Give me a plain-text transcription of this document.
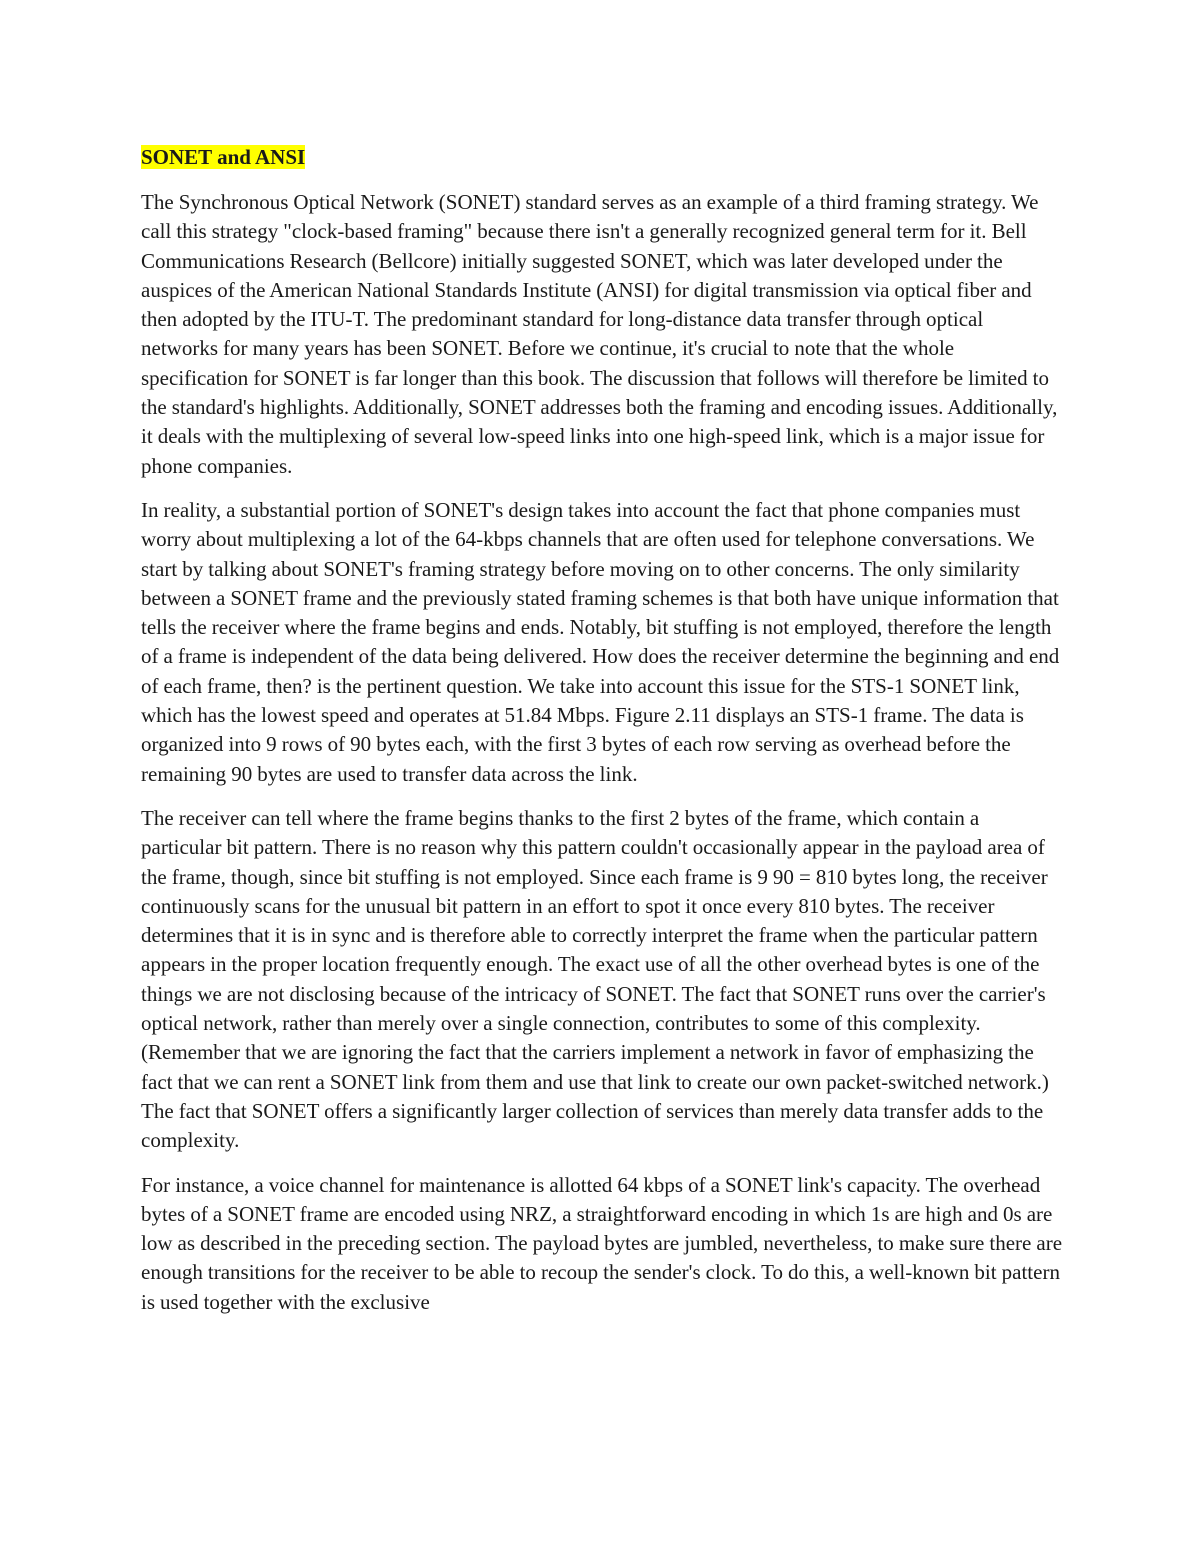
SONET and ANSI

The Synchronous Optical Network (SONET) standard serves as an example of a third framing strategy. We call this strategy "clock-based framing" because there isn't a generally recognized general term for it. Bell Communications Research (Bellcore) initially suggested SONET, which was later developed under the auspices of the American National Standards Institute (ANSI) for digital transmission via optical fiber and then adopted by the ITU-T. The predominant standard for long-distance data transfer through optical networks for many years has been SONET. Before we continue, it's crucial to note that the whole specification for SONET is far longer than this book. The discussion that follows will therefore be limited to the standard's highlights. Additionally, SONET addresses both the framing and encoding issues. Additionally, it deals with the multiplexing of several low-speed links into one high-speed link, which is a major issue for phone companies.

In reality, a substantial portion of SONET's design takes into account the fact that phone companies must worry about multiplexing a lot of the 64-kbps channels that are often used for telephone conversations. We start by talking about SONET's framing strategy before moving on to other concerns. The only similarity between a SONET frame and the previously stated framing schemes is that both have unique information that tells the receiver where the frame begins and ends. Notably, bit stuffing is not employed, therefore the length of a frame is independent of the data being delivered. How does the receiver determine the beginning and end of each frame, then? is the pertinent question. We take into account this issue for the STS-1 SONET link, which has the lowest speed and operates at 51.84 Mbps. Figure 2.11 displays an STS-1 frame. The data is organized into 9 rows of 90 bytes each, with the first 3 bytes of each row serving as overhead before the remaining 90 bytes are used to transfer data across the link.

The receiver can tell where the frame begins thanks to the first 2 bytes of the frame, which contain a particular bit pattern. There is no reason why this pattern couldn't occasionally appear in the payload area of the frame, though, since bit stuffing is not employed. Since each frame is 9 90 = 810 bytes long, the receiver continuously scans for the unusual bit pattern in an effort to spot it once every 810 bytes. The receiver determines that it is in sync and is therefore able to correctly interpret the frame when the particular pattern appears in the proper location frequently enough. The exact use of all the other overhead bytes is one of the things we are not disclosing because of the intricacy of SONET. The fact that SONET runs over the carrier's optical network, rather than merely over a single connection, contributes to some of this complexity. (Remember that we are ignoring the fact that the carriers implement a network in favor of emphasizing the fact that we can rent a SONET link from them and use that link to create our own packet-switched network.) The fact that SONET offers a significantly larger collection of services than merely data transfer adds to the complexity.

For instance, a voice channel for maintenance is allotted 64 kbps of a SONET link's capacity. The overhead bytes of a SONET frame are encoded using NRZ, a straightforward encoding in which 1s are high and 0s are low as described in the preceding section. The payload bytes are jumbled, nevertheless, to make sure there are enough transitions for the receiver to be able to recoup the sender's clock. To do this, a well-known bit pattern is used together with the exclusive
